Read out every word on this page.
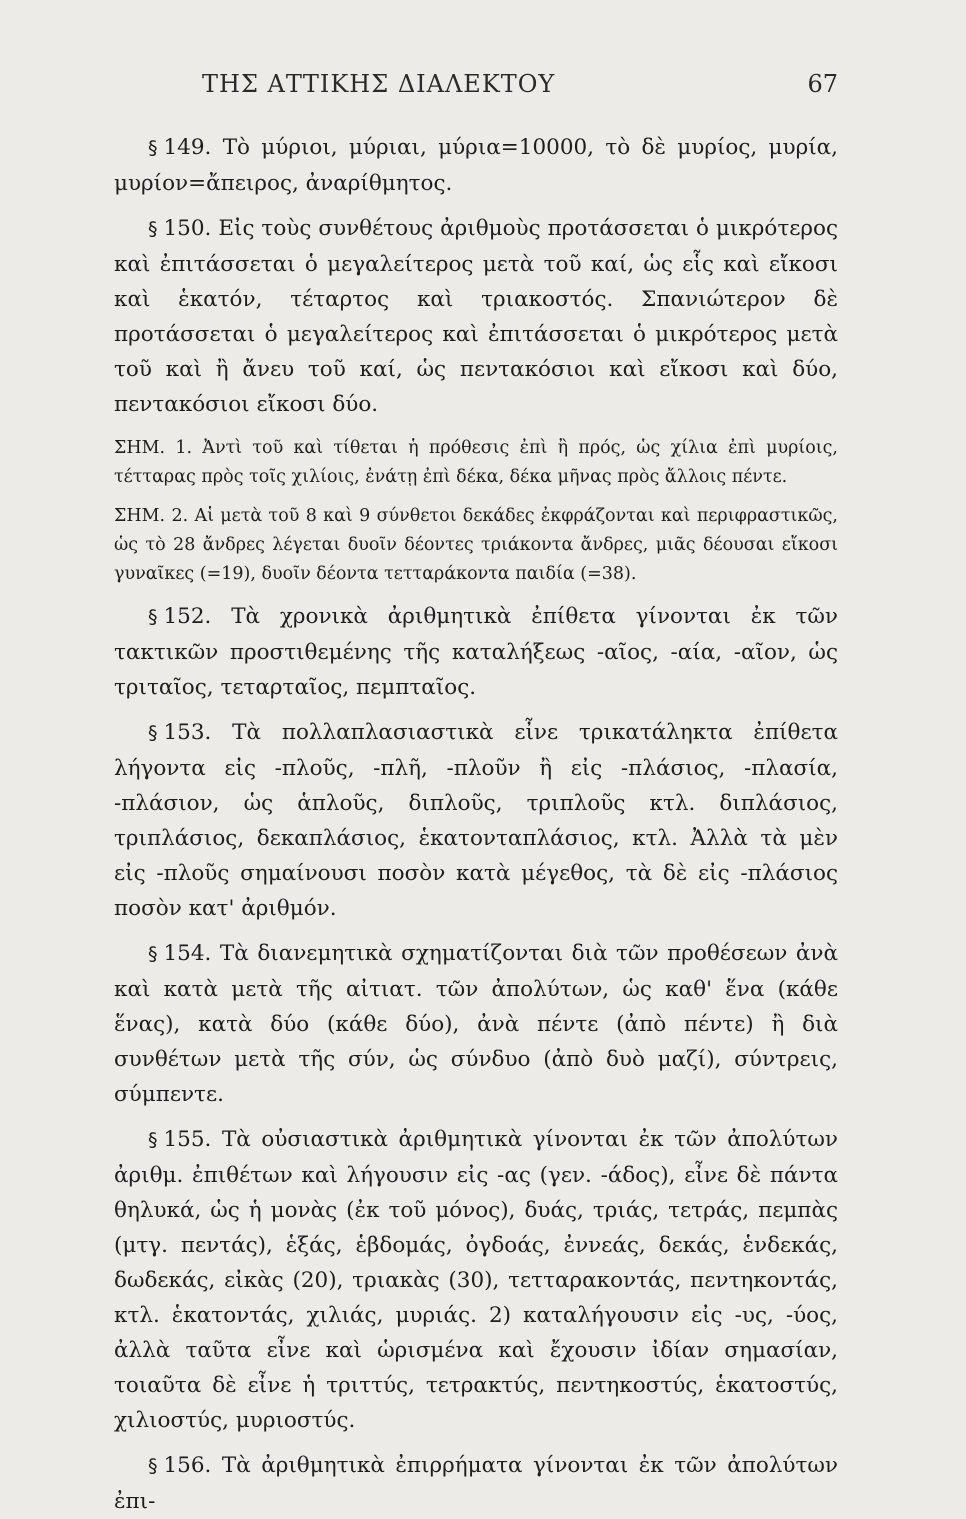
ΤΗΣ ΑΤΤΙΚΗΣ ΔΙΑΛΕΚΤΟΥ	67

§ 149. Τὸ μύριοι, μύριαι, μύρια=10000, τὸ δὲ μυρίος, μυρία, μυρίον=ἄπειρος, ἀναρίθμητος.

§ 150. Εἰς τοὺς συνθέτους ἀριθμοὺς προτάσσεται ὁ μικρότερος καὶ ἐπιτάσσεται ὁ μεγαλείτερος μετὰ τοῦ καί, ὡς εἷς καὶ εἴκοσι καὶ ἑκατόν, τέταρτος καὶ τριακοστός. Σπανιώτερον δὲ προτάσσεται ὁ μεγαλείτερος καὶ ἐπιτάσσεται ὁ μικρότερος μετὰ τοῦ καὶ ἢ ἄνευ τοῦ καί, ὡς πεντακόσιοι καὶ εἴκοσι καὶ δύο, πεντακόσιοι εἴκοσι δύο.

ΣΗΜ. 1. Ἀντὶ τοῦ καὶ τίθεται ἡ πρόθεσις ἐπὶ ἢ πρός, ὡς χίλια ἐπὶ μυρίοις, τέτταρας πρὸς τοῖς χιλίοις, ἐνάτῃ ἐπὶ δέκα, δέκα μῆνας πρὸς ἄλλοις πέντε.

ΣΗΜ. 2. Αἱ μετὰ τοῦ 8 καὶ 9 σύνθετοι δεκάδες ἐκφράζονται καὶ περιφραστικῶς, ὡς τὸ 28 ἄνδρες λέγεται δυοῖν δέοντες τριάκοντα ἄνδρες, μιᾶς δέουσαι εἴκοσι γυναῖκες (=19), δυοῖν δέοντα τετταράκοντα παιδία (=38).

§ 152. Τὰ χρονικὰ ἀριθμητικὰ ἐπίθετα γίνονται ἐκ τῶν τακτικῶν προστιθεμένης τῆς καταλήξεως -αῖος, -αία, -αῖον, ὡς τριταῖος, τεταρταῖος, πεμπταῖος.

§ 153. Τὰ πολλαπλασιαστικὰ εἶνε τρικατάληκτα ἐπίθετα λήγοντα εἰς -πλοῦς, -πλῆ, -πλοῦν ἢ εἰς -πλάσιος, -πλασία, -πλάσιον, ὡς ἁπλοῦς, διπλοῦς, τριπλοῦς κτλ. διπλάσιος, τριπλάσιος, δεκαπλάσιος, ἑκατονταπλάσιος, κτλ. Ἀλλὰ τὰ μὲν εἰς -πλοῦς σημαίνουσι ποσὸν κατὰ μέγεθος, τὰ δὲ εἰς -πλάσιος ποσὸν κατ' ἀριθμόν.

§ 154. Τὰ διανεμητικὰ σχηματίζονται διὰ τῶν προθέσεων ἀνὰ καὶ κατὰ μετὰ τῆς αἰτιατ. τῶν ἀπολύτων, ὡς καθ' ἕνα (κάθε ἕνας), κατὰ δύο (κάθε δύο), ἀνὰ πέντε (ἀπὸ πέντε) ἢ διὰ συνθέτων μετὰ τῆς σύν, ὡς σύνδυο (ἀπὸ δυὸ μαζί), σύντρεις, σύμπεντε.

§ 155. Τὰ οὐσιαστικὰ ἀριθμητικὰ γίνονται ἐκ τῶν ἀπολύτων ἀριθμ. ἐπιθέτων καὶ λήγουσιν εἰς -ας (γεν. -άδος), εἶνε δὲ πάντα θηλυκά, ὡς ἡ μονὰς (ἐκ τοῦ μόνος), δυάς, τριάς, τετράς, πεμπὰς (μτγ. πεντάς), ἑξάς, ἑβδομάς, ὀγδοάς, ἐννεάς, δεκάς, ἑνδεκάς, δωδεκάς, εἰκὰς (20), τριακὰς (30), τετταρακοντάς, πεντηκοντάς, κτλ. ἑκατοντάς, χιλιάς, μυριάς. 2) καταλήγουσιν εἰς -υς, -ύος, ἀλλὰ ταῦτα εἶνε καὶ ὡρισμένα καὶ ἔχουσιν ἰδίαν σημασίαν, τοιαῦτα δὲ εἶνε ἡ τριττύς, τετρακτύς, πεντηκοστύς, ἑκατοστύς, χιλιοστύς, μυριοστύς.

§ 156. Τὰ ἀριθμητικὰ ἐπιρρήματα γίνονται ἐκ τῶν ἀπολύτων ἐπι-
